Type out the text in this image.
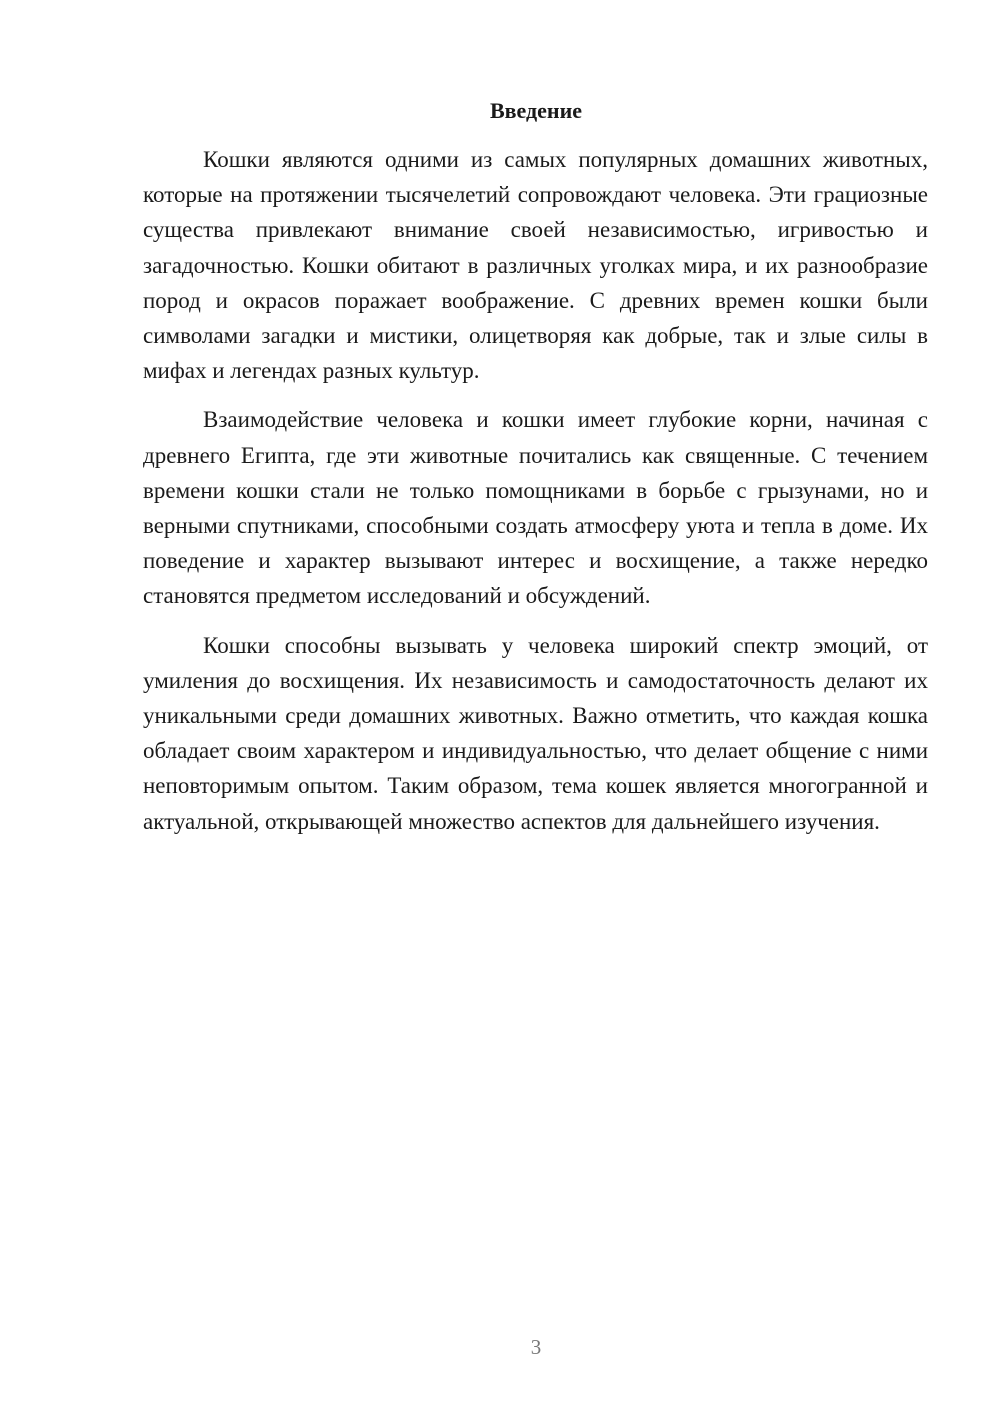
Введение

Кошки являются одними из самых популярных домашних животных, которые на протяжении тысячелетий сопровождают человека. Эти грациозные существа привлекают внимание своей независимостью, игривостью и загадочностью. Кошки обитают в различных уголках мира, и их разнообразие пород и окрасов поражает воображение. С древних времен кошки были символами загадки и мистики, олицетворяя как добрые, так и злые силы в мифах и легендах разных культур.

Взаимодействие человека и кошки имеет глубокие корни, начиная с древнего Египта, где эти животные почитались как священные. С течением времени кошки стали не только помощниками в борьбе с грызунами, но и верными спутниками, способными создать атмосферу уюта и тепла в доме. Их поведение и характер вызывают интерес и восхищение, а также нередко становятся предметом исследований и обсуждений.

Кошки способны вызывать у человека широкий спектр эмоций, от умиления до восхищения. Их независимость и самодостаточность делают их уникальными среди домашних животных. Важно отметить, что каждая кошка обладает своим характером и индивидуальностью, что делает общение с ними неповторимым опытом. Таким образом, тема кошек является многогранной и актуальной, открывающей множество аспектов для дальнейшего изучения.

3
